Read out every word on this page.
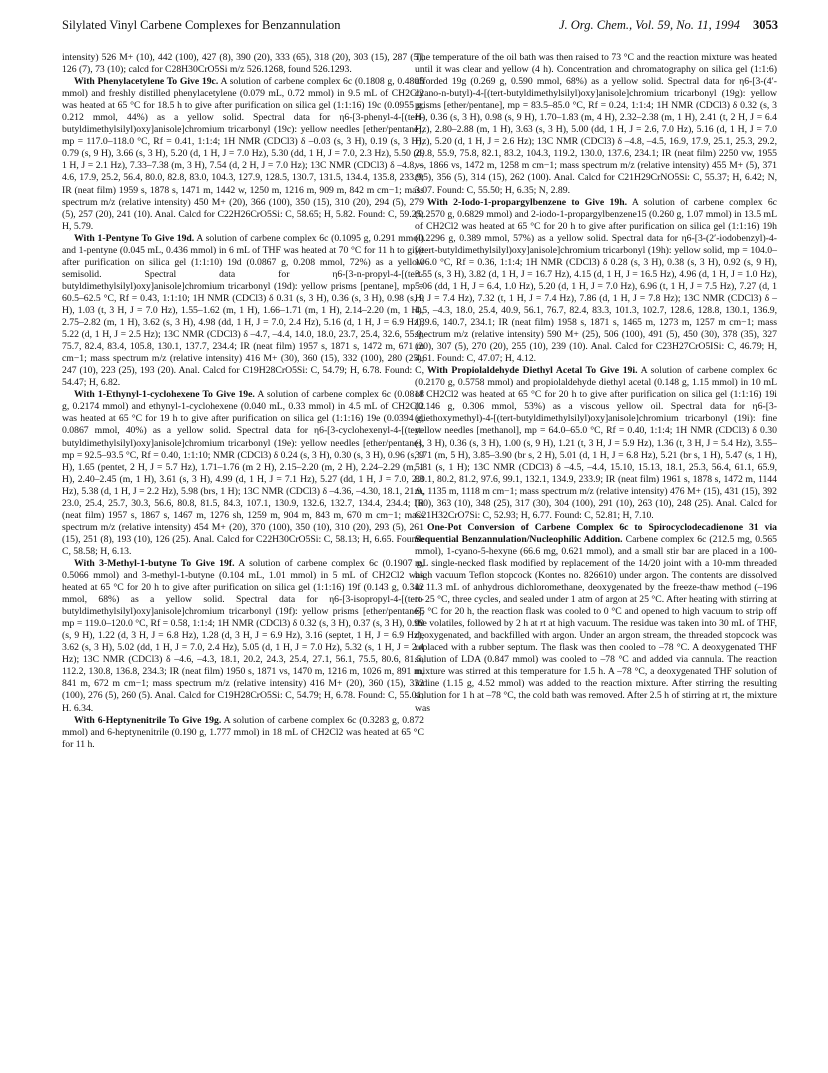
Silylated Vinyl Carbene Complexes for Benzannulation	J. Org. Chem., Vol. 59, No. 11, 1994 3053

intensity) 526 M+ (10), 442 (100), 427 (8), 390 (20), 333 (65), 318 (20), 303 (15), 287 (5), 126 (7), 73 (10); calcd for C28H30CrO5Si m/z 526.1268, found 526.1293.

With Phenylacetylene To Give 19c. A solution of carbene complex 6c (0.1808 g, 0.4805 mmol) and freshly distilled phenylacetylene (0.079 mL, 0.72 mmol) in 9.5 mL of CH2Cl2 was heated at 65 °C for 18.5 h to give after purification on silica gel (1:1:16) 19c (0.0955 g, 0.212 mmol, 44%) as a yellow solid. Spectral data for η6-[3-phenyl-4-[(tert-butyldimethylsilyl)oxy]anisole]chromium tricarbonyl (19c): yellow needles [ether/pentane], mp = 117.0–118.0 °C, Rf = 0.41, 1:1:4; 1H NMR (CDCl3) δ –0.03 (s, 3 H), 0.19 (s, 3 H), 0.79 (s, 9 H), 3.66 (s, 3 H), 5.20 (d, 1 H, J = 7.0 Hz), 5.30 (dd, 1 H, J = 7.0, 2.3 Hz), 5.50 (d, 1 H, J = 2.1 Hz), 7.33–7.38 (m, 3 H), 7.54 (d, 2 H, J = 7.0 Hz); 13C NMR (CDCl3) δ –4.8, –4.6, 17.9, 25.2, 56.4, 80.0, 82.8, 83.0, 104.3, 127.9, 128.5, 130.7, 131.5, 134.4, 135.8, 233.9; IR (neat film) 1959 s, 1878 s, 1471 m, 1442 w, 1250 m, 1216 m, 909 m, 842 m cm−1; mass spectrum m/z (relative intensity) 450 M+ (20), 366 (100), 350 (15), 310 (20), 294 (5), 279 (5), 257 (20), 241 (10). Anal. Calcd for C22H26CrO5Si: C, 58.65; H, 5.82. Found: C, 59.25; H, 5.79.

With 1-Pentyne To Give 19d. A solution of carbene complex 6c (0.1095 g, 0.291 mmol) and 1-pentyne (0.045 mL, 0.436 mmol) in 6 mL of THF was heated at 70 °C for 11 h to give after purification on silica gel (1:1:10) 19d (0.0867 g, 0.208 mmol, 72%) as a yellow semisolid. Spectral data for η6-[3-n-propyl-4-[(tert-butyldimethylsilyl)oxy]anisole]chromium tricarbonyl (19d): yellow prisms [pentane], mp = 60.5–62.5 °C, Rf = 0.43, 1:1:10; 1H NMR (CDCl3) δ 0.31 (s, 3 H), 0.36 (s, 3 H), 0.98 (s, 9 H), 1.03 (t, 3 H, J = 7.0 Hz), 1.55–1.62 (m, 1 H), 1.66–1.71 (m, 1 H), 2.14–2.20 (m, 1 H), 2.75–2.82 (m, 1 H), 3.62 (s, 3 H), 4.98 (dd, 1 H, J = 7.0, 2.4 Hz), 5.16 (d, 1 H, J = 6.9 Hz), 5.22 (d, 1 H, J = 2.5 Hz); 13C NMR (CDCl3) δ –4.7, –4.4, 14.0, 18.0, 23.7, 25.4, 32.6, 55.9, 75.7, 82.4, 83.4, 105.8, 130.1, 137.7, 234.4; IR (neat film) 1957 s, 1871 s, 1472 m, 671 m cm−1; mass spectrum m/z (relative intensity) 416 M+ (30), 360 (15), 332 (100), 280 (25), 247 (10), 223 (25), 193 (20). Anal. Calcd for C19H28CrO5Si: C, 54.79; H, 6.78. Found: C, 54.47; H, 6.82.

With 1-Ethynyl-1-cyclohexene To Give 19e. A solution of carbene complex 6c (0.0818 g, 0.2174 mmol) and ethynyl-1-cyclohexene (0.040 mL, 0.33 mmol) in 4.5 mL of CH2Cl2 was heated at 65 °C for 19 h to give after purification on silica gel (1:1:16) 19e (0.0394 g, 0.0867 mmol, 40%) as a yellow solid. Spectral data for η6-[3-cyclohexenyl-4-[(tert-butyldimethylsilyl)oxy]anisole]chromium tricarbonyl (19e): yellow needles [ether/pentane], mp = 92.5–93.5 °C, Rf = 0.40, 1:1:10; NMR (CDCl3) δ 0.24 (s, 3 H), 0.30 (s, 3 H), 0.96 (s, 9 H), 1.65 (pentet, 2 H, J = 5.7 Hz), 1.71–1.76 (m 2 H), 2.15–2.20 (m, 2 H), 2.24–2.29 (m, 1 H), 2.40–2.45 (m, 1 H), 3.61 (s, 3 H), 4.99 (d, 1 H, J = 7.1 Hz), 5.27 (dd, 1 H, J = 7.0, 2.3 Hz), 5.38 (d, 1 H, J = 2.2 Hz), 5.98 (brs, 1 H); 13C NMR (CDCl3) δ –4.36, –4.30, 18.1, 21.9, 23.0, 25.4, 25.7, 30.3, 56.6, 80.8, 81.5, 84.3, 107.1, 130.9, 132.6, 132.7, 134.4, 234.4; IR (neat film) 1957 s, 1867 s, 1467 m, 1276 sh, 1259 m, 904 m, 843 m, 670 m cm−1; mass spectrum m/z (relative intensity) 454 M+ (20), 370 (100), 350 (10), 310 (20), 293 (5), 261 (15), 251 (8), 193 (10), 126 (25). Anal. Calcd for C22H30CrO5Si: C, 58.13; H, 6.65. Found: C, 58.58; H, 6.13.

With 3-Methyl-1-butyne To Give 19f. A solution of carbene complex 6c (0.1907 g, 0.5066 mmol) and 3-methyl-1-butyne (0.104 mL, 1.01 mmol) in 5 mL of CH2Cl2 was heated at 65 °C for 20 h to give after purification on silica gel (1:1:16) 19f (0.143 g, 0.342 mmol, 68%) as a yellow solid. Spectral data for η6-[3-isopropyl-4-[(tert-butyldimethylsilyl)oxy]anisole]chromium tricarbonyl (19f): yellow prisms [ether/pentane], mp = 119.0–120.0 °C, Rf = 0.58, 1:1:4; 1H NMR (CDCl3) δ 0.32 (s, 3 H), 0.37 (s, 3 H), 0.99 (s, 9 H), 1.22 (d, 3 H, J = 6.8 Hz), 1.28 (d, 3 H, J = 6.9 Hz), 3.16 (septet, 1 H, J = 6.9 Hz), 3.62 (s, 3 H), 5.02 (dd, 1 H, J = 7.0, 2.4 Hz), 5.05 (d, 1 H, J = 7.0 Hz), 5.32 (s, 1 H, J = 2.4 Hz); 13C NMR (CDCl3) δ –4.6, –4.3, 18.1, 20.2, 24.3, 25.4, 27.1, 56.1, 75.5, 80.6, 81.5, 112.2, 130.8, 136.8, 234.3; IR (neat film) 1950 s, 1871 vs, 1470 m, 1216 m, 1026 m, 891 m, 841 m, 672 m cm−1; mass spectrum m/z (relative intensity) 416 M+ (20), 360 (15), 332 (100), 276 (5), 260 (5). Anal. Calcd for C19H28CrO5Si: C, 54.79; H, 6.78. Found: C, 55.01; H. 6.34.

With 6-Heptynenitrile To Give 19g. A solution of carbene complex 6c (0.3283 g, 0.872 mmol) and 6-heptynenitrile (0.190 g, 1.777 mmol) in 18 mL of CH2Cl2 was heated at 65 °C for 11 h.

The temperature of the oil bath was then raised to 73 °C and the reaction mixture was heated until it was clear and yellow (4 h). Concentration and chromatography on silica gel (1:1:6) afforded 19g (0.269 g, 0.590 mmol, 68%) as a yellow solid. Spectral data for η6-[3-(4′-cyano-n-butyl)-4-[(tert-butyldimethylsilyl)oxy]anisole]chromium tricarbonyl (19g): yellow prisms [ether/pentane], mp = 83.5–85.0 °C, Rf = 0.24, 1:1:4; 1H NMR (CDCl3) δ 0.32 (s, 3 H), 0.36 (s, 3 H), 0.98 (s, 9 H), 1.70–1.83 (m, 4 H), 2.32–2.38 (m, 1 H), 2.41 (t, 2 H, J = 6.4 Hz), 2.80–2.88 (m, 1 H), 3.63 (s, 3 H), 5.00 (dd, 1 H, J = 2.6, 7.0 Hz), 5.16 (d, 1 H, J = 7.0 Hz), 5.20 (d, 1 H, J = 2.6 Hz); 13C NMR (CDCl3) δ –4.8, –4.5, 16.9, 17.9, 25.1, 25.3, 29.2, 29.8, 55.9, 75.8, 82.1, 83.2, 104.3, 119.2, 130.0, 137.6, 234.1; IR (neat film) 2250 vw, 1955 vs, 1866 vs, 1472 m, 1258 m cm−1; mass spectrum m/z (relative intensity) 455 M+ (5), 371 (95), 356 (5), 314 (15), 262 (100). Anal. Calcd for C21H29CrNO5Si: C, 55.37; H, 6.42; N, 3.07. Found: C, 55.50; H, 6.35; N, 2.89.

With 2-Iodo-1-propargylbenzene to Give 19h. A solution of carbene complex 6c (0.2570 g, 0.6829 mmol) and 2-iodo-1-propargylbenzene15 (0.260 g, 1.07 mmol) in 13.5 mL of CH2Cl2 was heated at 65 °C for 20 h to give after purification on silica gel (1:1:16) 19h (0.2296 g, 0.389 mmol, 57%) as a yellow solid. Spectral data for η6-[3-(2′-iodobenzyl)-4-[(tert-butyldimethylsilyl)oxy]anisole]chromium tricarbonyl (19h): yellow solid, mp = 104.0–106.0 °C, Rf = 0.36, 1:1:4; 1H NMR (CDCl3) δ 0.28 (s, 3 H), 0.38 (s, 3 H), 0.92 (s, 9 H), 3.55 (s, 3 H), 3.82 (d, 1 H, J = 16.7 Hz), 4.15 (d, 1 H, J = 16.5 Hz), 4.96 (d, 1 H, J = 1.0 Hz), 5.06 (dd, 1 H, J = 6.4, 1.0 Hz), 5.20 (d, 1 H, J = 7.0 Hz), 6.96 (t, 1 H, J = 7.5 Hz), 7.27 (d, 1 H, J = 7.4 Hz), 7.32 (t, 1 H, J = 7.4 Hz), 7.86 (d, 1 H, J = 7.8 Hz); 13C NMR (CDCl3) δ –4.5, –4.3, 18.0, 25.4, 40.9, 56.1, 76.7, 82.4, 83.3, 101.3, 102.7, 128.6, 128.8, 130.1, 136.9, 139.6, 140.7, 234.1; IR (neat film) 1958 s, 1871 s, 1465 m, 1273 m, 1257 m cm−1; mass spectrum m/z (relative intensity) 590 M+ (25), 506 (100), 491 (5), 450 (30), 378 (35), 327 (20), 307 (5), 270 (20), 255 (10), 239 (10). Anal. Calcd for C23H27CrO5ISi: C, 46.79; H, 4.61. Found: C, 47.07; H, 4.12.

With Propiolaldehyde Diethyl Acetal To Give 19i. A solution of carbene complex 6c (0.2170 g, 0.5758 mmol) and propiolaldehyde diethyl acetal (0.148 g, 1.15 mmol) in 10 mL of CH2Cl2 was heated at 65 °C for 20 h to give after purification on silica gel (1:1:16) 19i (0.146 g, 0.306 mmol, 53%) as a viscous yellow oil. Spectral data for η6-[3-(diethoxymethyl)-4-[(tert-butyldimethylsilyl)oxy]anisole]chromium tricarbonyl (19i): fine yellow needles [methanol], mp = 64.0–65.0 °C, Rf = 0.40, 1:1:4; 1H NMR (CDCl3) δ 0.30 (s, 3 H), 0.36 (s, 3 H), 1.00 (s, 9 H), 1.21 (t, 3 H, J = 5.9 Hz), 1.36 (t, 3 H, J = 5.4 Hz), 3.55–3.71 (m, 5 H), 3.85–3.90 (br s, 2 H), 5.01 (d, 1 H, J = 6.8 Hz), 5.21 (br s, 1 H), 5.47 (s, 1 H), 5.81 (s, 1 H); 13C NMR (CDCl3) δ –4.5, –4.4, 15.10, 15.13, 18.1, 25.3, 56.4, 61.1, 65.9, 80.1, 80.2, 81.2, 97.6, 99.1, 132.1, 134.9, 233.9; IR (neat film) 1961 s, 1878 s, 1472 m, 1144 m, 1135 m, 1118 m cm−1; mass spectrum m/z (relative intensity) 476 M+ (15), 431 (15), 392 (60), 363 (10), 348 (25), 317 (30), 304 (100), 291 (10), 263 (10), 248 (25). Anal. Calcd for C21H32CrO7Si: C, 52.93; H, 6.77. Found: C, 52.81; H, 7.10.

One-Pot Conversion of Carbene Complex 6c to Spirocyclodecadienone 31 via Sequential Benzannulation/Nucleophilic Addition. Carbene complex 6c (212.5 mg, 0.565 mmol), 1-cyano-5-hexyne (66.6 mg, 0.621 mmol), and a small stir bar are placed in a 100-mL single-necked flask modified by replacement of the 14/20 joint with a 10-mm threaded high vacuum Teflon stopcock (Kontes no. 826610) under argon. The contents are dissolved in 11.3 mL of anhydrous dichloromethane, deoxygenated by the freeze-thaw method (–196 to 25 °C, three cycles, and sealed under 1 atm of argon at 25 °C. After heating with stirring at 65 °C for 20 h, the reaction flask was cooled to 0 °C and opened to high vacuum to strip off the volatiles, followed by 2 h at rt at high vacuum. The residue was taken into 30 mL of THF, deoxygenated, and backfilled with argon. Under an argon stream, the threaded stopcock was replaced with a rubber septum. The flask was then cooled to –78 °C. A deoxygenated THF solution of LDA (0.847 mmol) was cooled to –78 °C and added via cannula. The reaction mixture was stirred at this temperature for 1.5 h. A –78 °C, a deoxygenated THF solution of iodine (1.15 g, 4.52 mmol) was added to the reaction mixture. After stirring the resulting solution for 1 h at –78 °C, the cold bath was removed. After 2.5 h of stirring at rt, the mixture was
